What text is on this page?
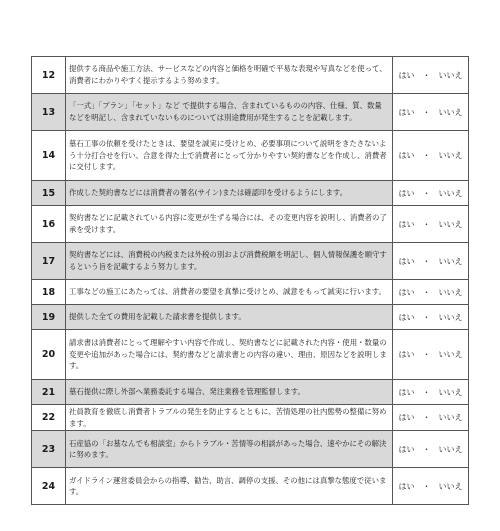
12	提供する商品や施工方法、サービスなどの内容と価格を明確で平易な表現や写真などを使って、消費者にわかりやすく提示するよう努めます。	はい ・ いいえ
13	「一式」「プラン」「セット」など で提供する場合、含まれているものの内容、仕様、質、数量などを明記し、含まれていないものについては別途費用が発生することを記載します。	はい ・ いいえ
14	墓石工事の依頼を受けたときは、要望を誠実に受けとめ、必要事項について説明をきたさないよう十分打合せを行い、合意を得た上で消費者にとって分かりやすい契約書などを作成し、消費者に交付します。	はい ・ いいえ
15	作成した契約書などには消費者の署名(サイン)または確認印を受けるようにします。	はい ・ いいえ
16	契約書などに記載されている内容に変更が生ずる場合には、その変更内容を説明し、消費者の了承を受けます。	はい ・ いいえ
17	契約書などには、消費税の内税または外税の別および消費税額を明記し、個人情報保護を順守するという旨を記載するよう努力します。	はい ・ いいえ
18	工事などの施工にあたっては、消費者の要望を真摯に受けとめ、誠意をもって誠実に行います。	はい ・ いいえ
19	提供した全ての費用を記載した請求書を提供します。	はい ・ いいえ
20	請求書は消費者にとって理解やすい内容で作成し、契約書などに記載された内容・使用・数量の変更や追加があった場合には、契約書などと請求書との内容の違い、理由、原因などを説明します。	はい ・ いいえ
21	墓石提供に際し外部へ業務委託する場合、発注業務を管理監督します。	はい ・ いいえ
22	社員教育を徹底し消費者トラブルの発生を防止するとともに、苦情処理の社内態勢の整備に努めます。	はい ・ いいえ
23	石産協の「お墓なんでも相談室」からトラブル・苦情等の相談があった場合、速やかにその解決に努めます。	はい ・ いいえ
24	ガイドライン運営委員会からの指導、勧告、助言、調停の支援、その他には真摯な態度で従います。	はい ・ いいえ
